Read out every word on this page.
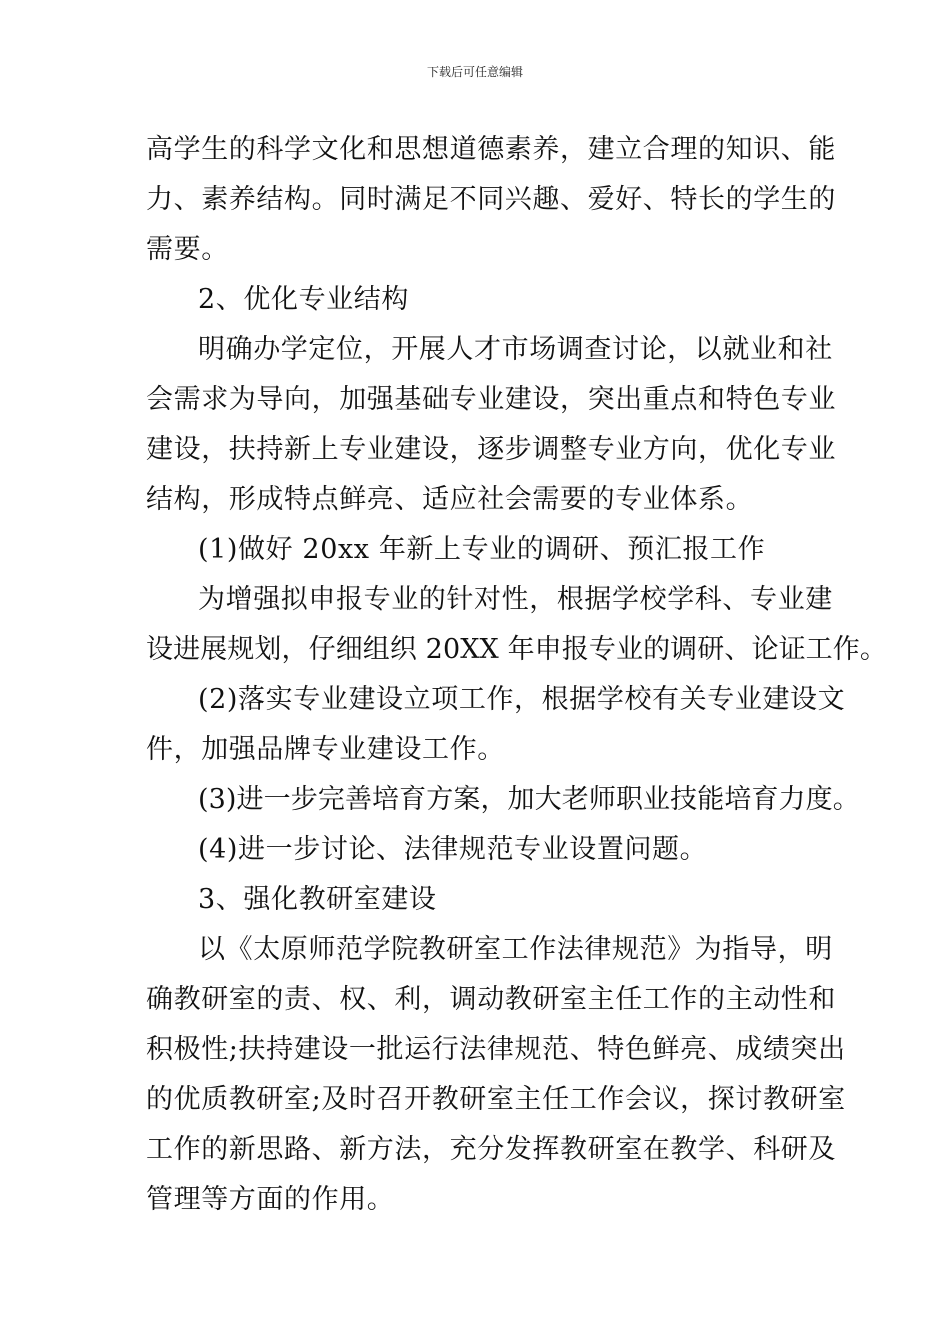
下载后可任意编辑
高学生的科学文化和思想道德素养，建立合理的知识、能
力、素养结构。同时满足不同兴趣、爱好、特长的学生的
需要。
2、优化专业结构
明确办学定位，开展人才市场调查讨论，以就业和社
会需求为导向，加强基础专业建设，突出重点和特色专业
建设，扶持新上专业建设，逐步调整专业方向，优化专业
结构，形成特点鲜亮、适应社会需要的专业体系。
(1)做好 20xx 年新上专业的调研、预汇报工作
为增强拟申报专业的针对性，根据学校学科、专业建
设进展规划，仔细组织 20XX 年申报专业的调研、论证工作。
(2)落实专业建设立项工作，根据学校有关专业建设文
件，加强品牌专业建设工作。
(3)进一步完善培育方案，加大老师职业技能培育力度。
(4)进一步讨论、法律规范专业设置问题。
3、强化教研室建设
以《太原师范学院教研室工作法律规范》为指导，明
确教研室的责、权、利，调动教研室主任工作的主动性和
积极性;扶持建设一批运行法律规范、特色鲜亮、成绩突出
的优质教研室;及时召开教研室主任工作会议，探讨教研室
工作的新思路、新方法，充分发挥教研室在教学、科研及
管理等方面的作用。
